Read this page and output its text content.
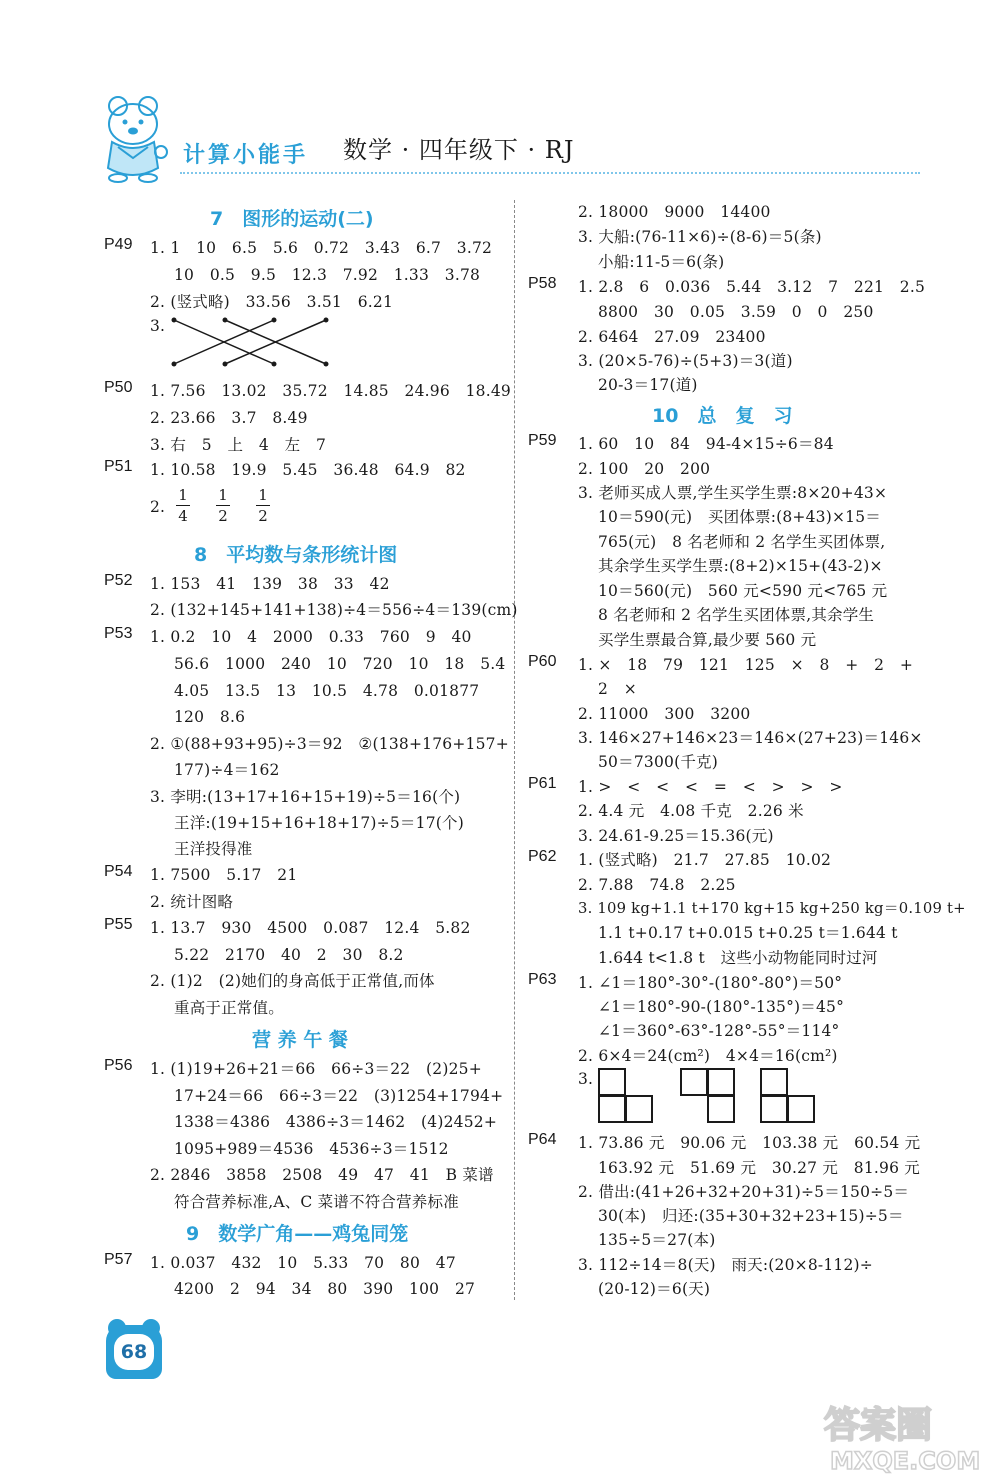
计算小能手 数学 · 四年级下 · RJ
7　图形的运动(二)
8　平均数与条形统计图
营 养 午 餐
9　数学广角——鸡兔同笼
P49
P50
P51
P52
P53
P54
P55
P56
P57
1. 1　10　6.5　5.6　0.72　3.43　6.7　3.72
10　0.5　9.5　12.3　7.92　1.33　3.78
2. (竖式略)　33.56　3.51　6.21
3.
1. 7.56　13.02　35.72　14.85　24.96　18.49
2. 23.66　3.7　8.49
3. 右　5　上　4　左　7
1. 10.58　19.9　5.45　36.48　64.9　82
2.
1
4
1
2
1
2
1. 153　41　139　38　33　42
2. (132+145+141+138)÷4＝556÷4＝139(cm)
1. 0.2　10　4　2000　0.33　760　9　40
56.6　1000　240　10　720　10　18　5.4
4.05　13.5　13　10.5　4.78　0.01877
120　8.6
2. ①(88+93+95)÷3＝92　②(138+176+157+
177)÷4＝162
3. 李明:(13+17+16+15+19)÷5＝16(个)
王洋:(19+15+16+18+17)÷5＝17(个)
王洋投得准
1. 7500　5.17　21
2. 统计图略
1. 13.7　930　4500　0.087　12.4　5.82
5.22　2170　40　2　30　8.2
2. (1)2　(2)她们的身高低于正常值,而体
重高于正常值。
1. (1)19+26+21＝66　66÷3＝22　(2)25+
17+24＝66　66÷3＝22　(3)1254+1794+
1338＝4386　4386÷3＝1462　(4)2452+
1095+989＝4536　4536÷3＝1512
2. 2846　3858　2508　49　47　41　B 菜谱
符合营养标准,A、C 菜谱不符合营养标准
1. 0.037　432　10　5.33　70　80　47
4200　2　94　34　80　390　100　27
10　总　复　习
P58
P59
P60
P61
P62
P63
P64
2. 18000　9000　14400
3. 大船:(76-11×6)÷(8-6)＝5(条)
小船:11-5＝6(条)
1. 2.8　6　0.036　5.44　3.12　7　221　2.5
8800　30　0.05　3.59　0　0　250
2. 6464　27.09　23400
3. (20×5-76)÷(5+3)＝3(道)
20-3＝17(道)
1. 60　10　84　94-4×15÷6＝84
2. 100　20　200
3. 老师买成人票,学生买学生票:8×20+43×
10＝590(元)　买团体票:(8+43)×15＝
765(元)　8 名老师和 2 名学生买团体票,
其余学生买学生票:(8+2)×15+(43-2)×
10＝560(元)　560 元<590 元<765 元
8 名老师和 2 名学生买团体票,其余学生
买学生票最合算,最少要 560 元
1. ×　18　79　121　125　×　8　+　2　+
2　×
2. 11000　300　3200
3. 146×27+146×23＝146×(27+23)＝146×
50＝7300(千克)
1. >　<　<　<　=　<　>　>　>
2. 4.4 元　4.08 千克　2.26 米
3. 24.61-9.25＝15.36(元)
1. (竖式略)　21.7　27.85　10.02
2. 7.88　74.8　2.25
3. 109 kg+1.1 t+170 kg+15 kg+250 kg＝0.109 t+
1.1 t+0.17 t+0.015 t+0.25 t＝1.644 t
1.644 t<1.8 t　这些小动物能同时过河
1. ∠1＝180°-30°-(180°-80°)＝50°
∠1＝180°-90-(180°-135°)＝45°
∠1＝360°-63°-128°-55°＝114°
2. 6×4＝24(cm²)　4×4＝16(cm²)
3.
1. 73.86 元　90.06 元　103.38 元　60.54 元
163.92 元　51.69 元　30.27 元　81.96 元
2. 借出:(41+26+32+20+31)÷5＝150÷5＝
30(本)　归还:(35+30+32+23+15)÷5＝
135÷5＝27(本)
3. 112÷14＝8(天)　雨天:(20×8-112)÷
(20-12)＝6(天)
68
答案圈
MXQE.COM
